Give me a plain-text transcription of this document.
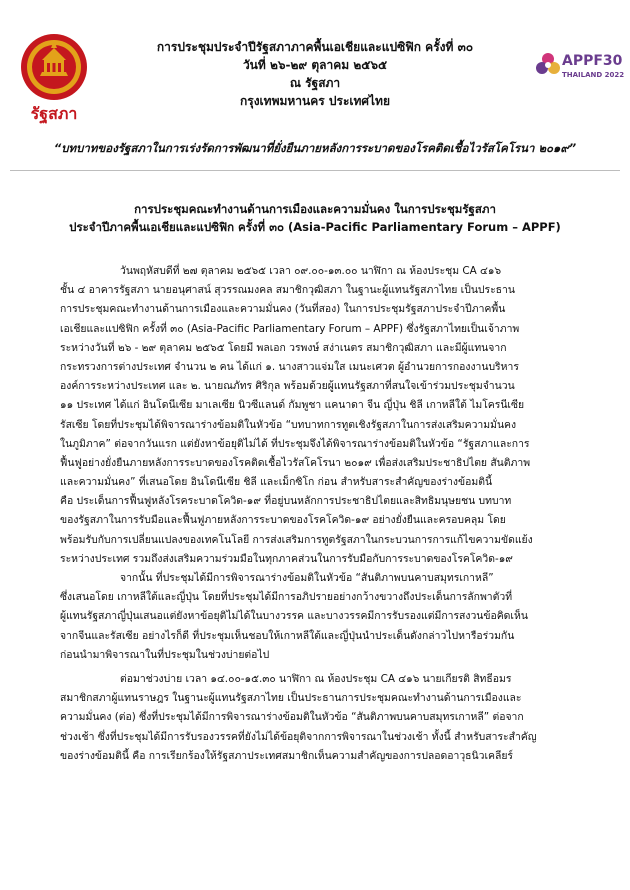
รัฐสภา
APPF30
THAILAND 2022
การประชุมประจำปีรัฐสภาภาคพื้นเอเชียและแปซิฟิก ครั้งที่ ๓๐
วันที่ ๒๖-๒๙ ตุลาคม ๒๕๖๕
ณ รัฐสภา
กรุงเทพมหานคร ประเทศไทย
“บทบาทของรัฐสภาในการเร่งรัดการพัฒนาที่ยั่งยืนภายหลังการระบาดของโรคติดเชื้อไวรัสโคโรนา ๒๐๑๙”
การประชุมคณะทำงานด้านการเมืองและความมั่นคง ในการประชุมรัฐสภา
ประจำปีภาคพื้นเอเชียและแปซิฟิก ครั้งที่ ๓๐ (Asia-Pacific Parliamentary Forum – APPF)
วันพฤหัสบดีที่ ๒๗ ตุลาคม ๒๕๖๕ เวลา ๐๙.๐๐-๑๓.๐๐ นาฬิกา ณ ห้องประชุม CA ๔๑๖
ชั้น ๔ อาคารรัฐสภา นายอนุศาสน์ สุวรรณมงคล สมาชิกวุฒิสภา ในฐานะผู้แทนรัฐสภาไทย เป็นประธาน
การประชุมคณะทำงานด้านการเมืองและความมั่นคง (วันที่สอง) ในการประชุมรัฐสภาประจำปีภาคพื้น
เอเชียและแปซิฟิก ครั้งที่ ๓๐ (Asia-Pacific Parliamentary Forum – APPF) ซึ่งรัฐสภาไทยเป็นเจ้าภาพ
ระหว่างวันที่ ๒๖ - ๒๙ ตุลาคม ๒๕๖๕ โดยมี พลเอก วรพงษ์ สง่าเนตร สมาชิกวุฒิสภา และมีผู้แทนจาก
กระทรวงการต่างประเทศ จำนวน ๒ คน ได้แก่ ๑. นางสาวแจ่มใส เมนะเศวต ผู้อำนวยการกองงานบริหาร
องค์การระหว่างประเทศ และ ๒. นายณภัทร ศิริกุล พร้อมด้วยผู้แทนรัฐสภาที่สนใจเข้าร่วมประชุมจำนวน
๑๑ ประเทศ ได้แก่ อินโดนีเซีย มาเลเซีย นิวซีแลนด์ กัมพูชา แคนาดา จีน ญี่ปุ่น ชิลี เกาหลีใต้ ไมโครนีเซีย
รัสเซีย โดยที่ประชุมได้พิจารณาร่างข้อมติในหัวข้อ “บทบาทการทูตเชิงรัฐสภาในการส่งเสริมความมั่นคง
ในภูมิภาค” ต่อจากวันแรก แต่ยังหาข้อยุติไม่ได้ ที่ประชุมจึงได้พิจารณาร่างข้อมติในหัวข้อ “รัฐสภาและการ
ฟื้นฟูอย่างยั่งยืนภายหลังการระบาดของโรคติดเชื้อไวรัสโคโรนา ๒๐๑๙ เพื่อส่งเสริมประชาธิปไตย สันติภาพ
และความมั่นคง” ที่เสนอโดย อินโดนีเซีย ชิลี และเม็กซิโก ก่อน สำหรับสาระสำคัญของร่างข้อมตินี้
คือ ประเด็นการฟื้นฟูหลังโรคระบาดโควิด-๑๙ ที่อยู่บนหลักการประชาธิปไตยและสิทธิมนุษยชน บทบาท
ของรัฐสภาในการรับมือและฟื้นฟูภายหลังการระบาดของโรคโควิด-๑๙ อย่างยั่งยืนและครอบคลุม โดย
พร้อมรับกับการเปลี่ยนแปลงของเทคโนโลยี การส่งเสริมการทูตรัฐสภาในกระบวนการการแก้ไขความขัดแย้ง
ระหว่างประเทศ รวมถึงส่งเสริมความร่วมมือในทุกภาคส่วนในการรับมือกับการระบาดของโรคโควิด-๑๙
จากนั้น ที่ประชุมได้มีการพิจารณาร่างข้อมติในหัวข้อ “สันติภาพบนคาบสมุทรเกาหลี”
ซึ่งเสนอโดย เกาหลีใต้และญี่ปุ่น โดยที่ประชุมได้มีการอภิปรายอย่างกว้างขวางถึงประเด็นการลักพาตัวที่
ผู้แทนรัฐสภาญี่ปุ่นเสนอแต่ยังหาข้อยุติไม่ได้ในบางวรรค และบางวรรคมีการรับรองแต่มีการสงวนข้อคิดเห็น
จากจีนและรัสเซีย อย่างไรก็ดี ที่ประชุมเห็นชอบให้เกาหลีใต้และญี่ปุ่นนำประเด็นดังกล่าวไปหารือร่วมกัน
ก่อนนำมาพิจารณาในที่ประชุมในช่วงบ่ายต่อไป
ต่อมาช่วงบ่าย เวลา ๑๔.๐๐-๑๕.๓๐ นาฬิกา ณ ห้องประชุม CA ๔๑๖ นายเกียรติ สิทธีอมร
สมาชิกสภาผู้แทนราษฎร ในฐานะผู้แทนรัฐสภาไทย เป็นประธานการประชุมคณะทำงานด้านการเมืองและ
ความมั่นคง (ต่อ) ซึ่งที่ประชุมได้มีการพิจารณาร่างข้อมติในหัวข้อ “สันติภาพบนคาบสมุทรเกาหลี” ต่อจาก
ช่วงเช้า ซึ่งที่ประชุมได้มีการรับรองวรรคที่ยังไม่ได้ข้อยุติจากการพิจารณาในช่วงเช้า ทั้งนี้ สำหรับสาระสำคัญ
ของร่างข้อมตินี้ คือ การเรียกร้องให้รัฐสภาประเทศสมาชิกเห็นความสำคัญของการปลอดอาวุธนิวเคลียร์
